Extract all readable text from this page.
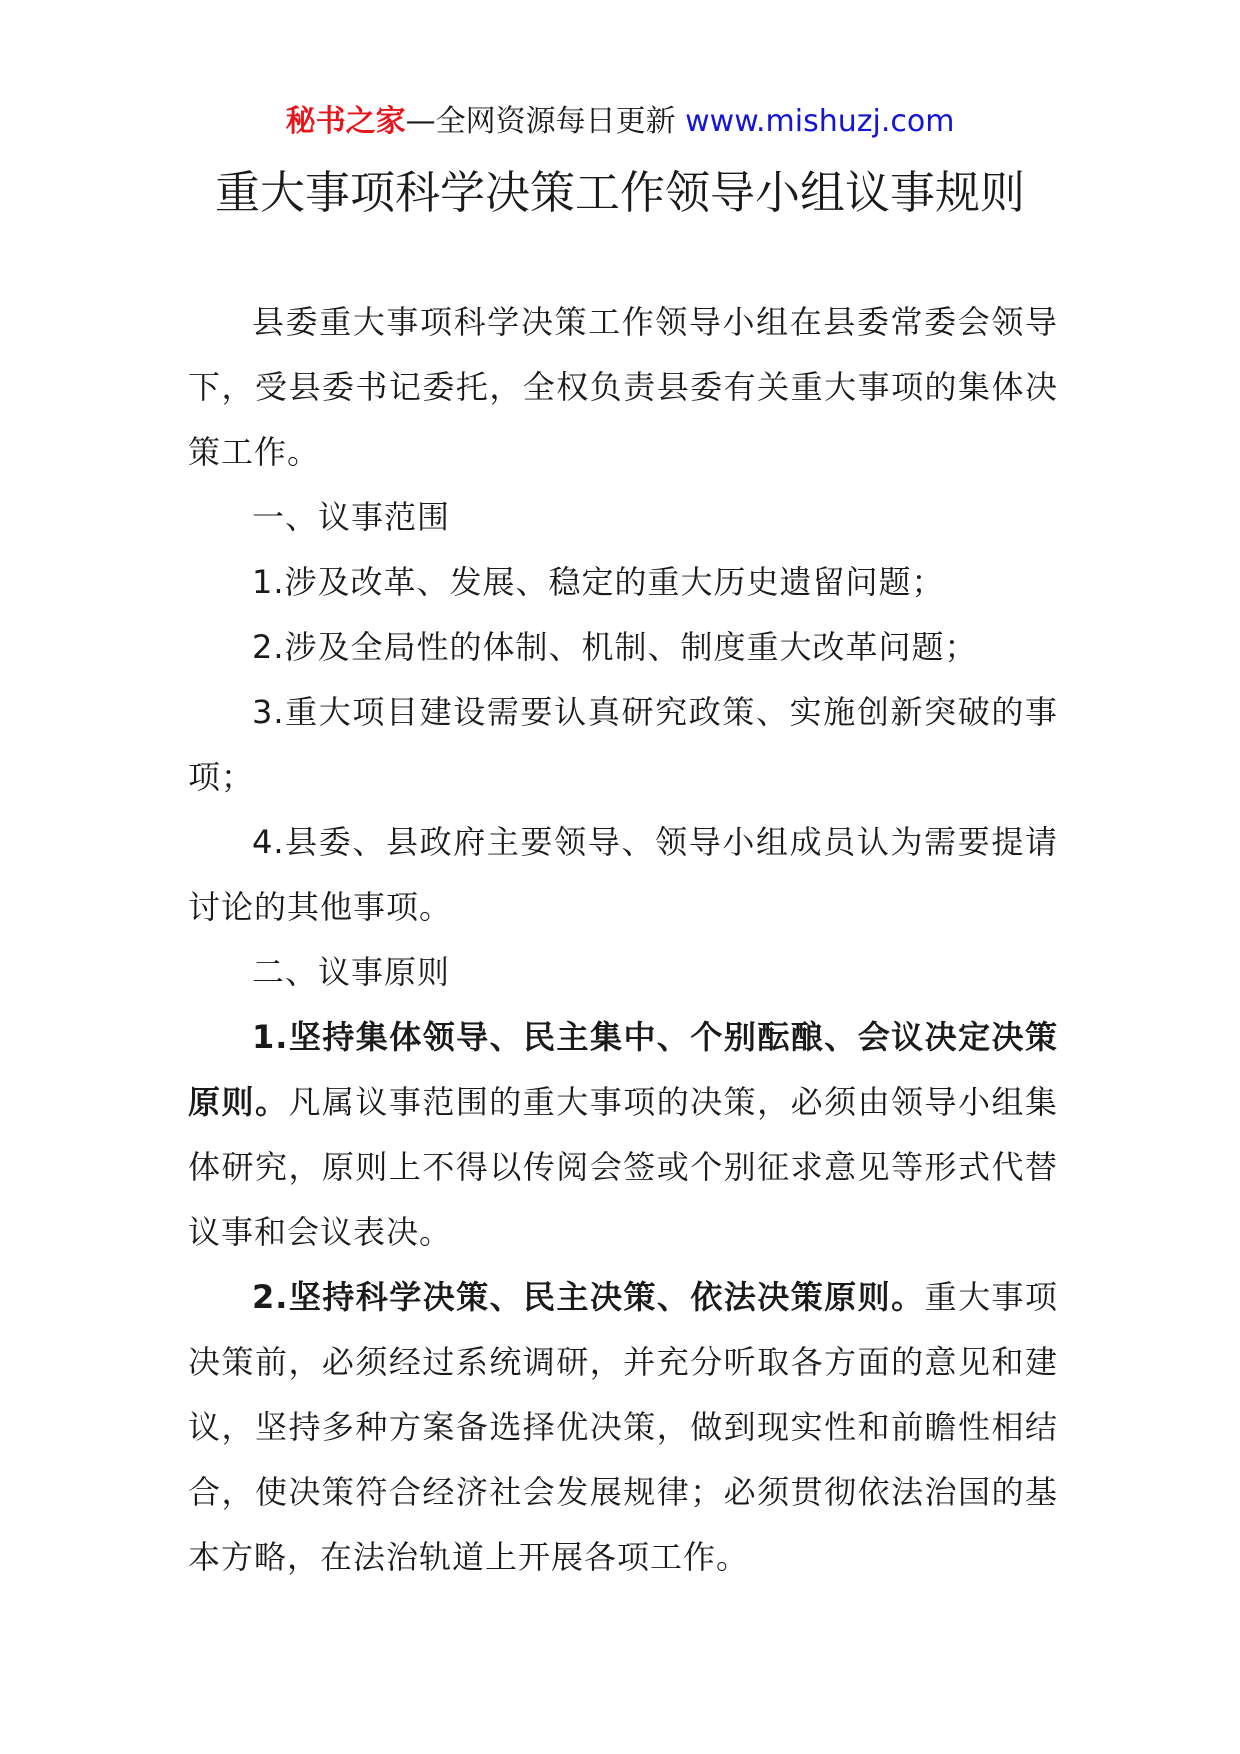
秘书之家—全网资源每日更新 www.mishuzj.com
重大事项科学决策工作领导小组议事规则

县委重大事项科学决策工作领导小组在县委常委会领导下，受县委书记委托，全权负责县委有关重大事项的集体决策工作。

一、议事范围

1.涉及改革、发展、稳定的重大历史遗留问题；

2.涉及全局性的体制、机制、制度重大改革问题；

3.重大项目建设需要认真研究政策、实施创新突破的事项；

4.县委、县政府主要领导、领导小组成员认为需要提请讨论的其他事项。

二、议事原则

1.坚持集体领导、民主集中、个别酝酿、会议决定决策原则。凡属议事范围的重大事项的决策，必须由领导小组集体研究，原则上不得以传阅会签或个别征求意见等形式代替议事和会议表决。

2.坚持科学决策、民主决策、依法决策原则。重大事项决策前，必须经过系统调研，并充分听取各方面的意见和建议，坚持多种方案备选择优决策，做到现实性和前瞻性相结合，使决策符合经济社会发展规律；必须贯彻依法治国的基本方略，在法治轨道上开展各项工作。
